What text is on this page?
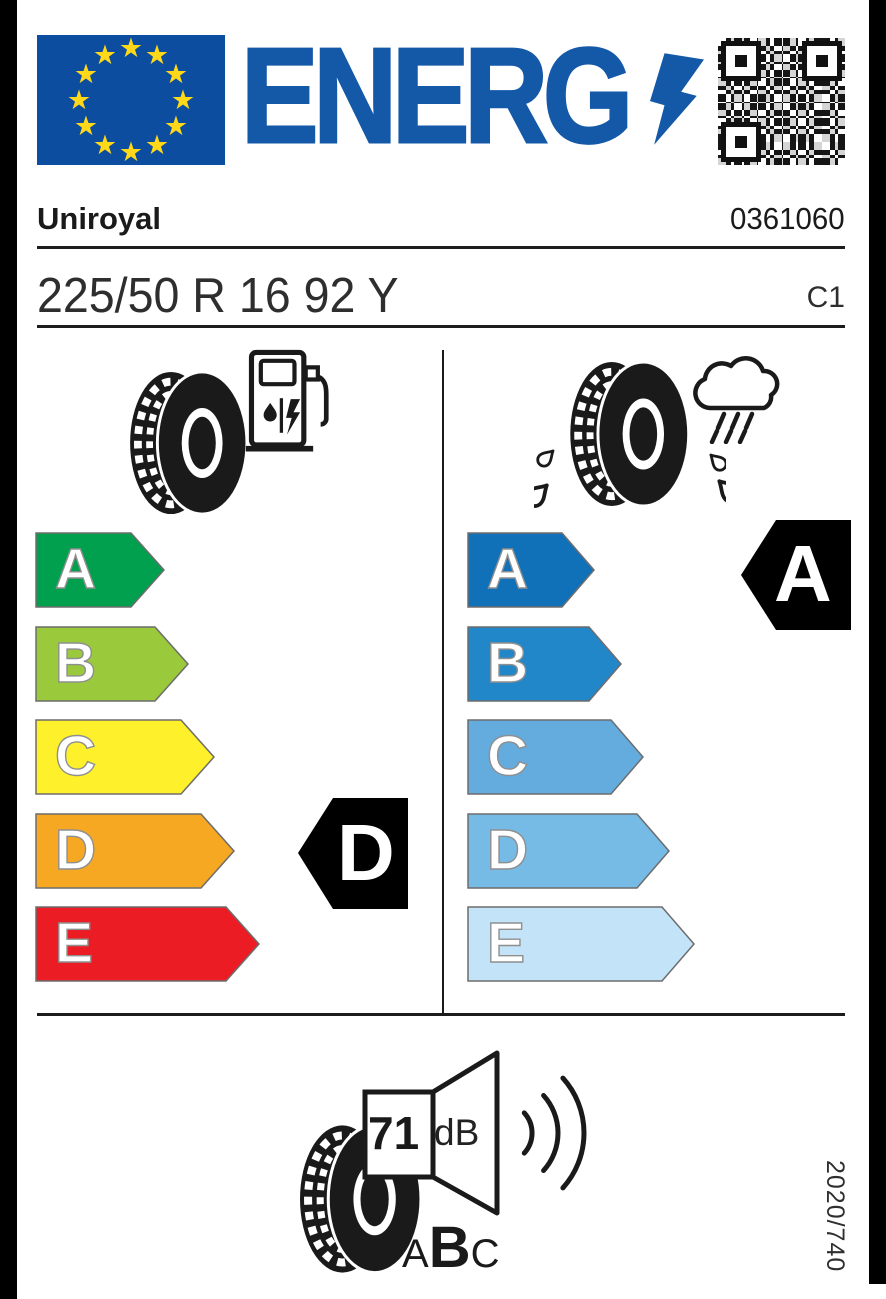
★ ★
★
★
★
★
★
★
★
★
★
★ ENERG
Uniroyal	0361060
225/50 R 16 92 Y	C1
A
B
C
D
E
D
A
B
C
D
E
A
71 dB
A B C	2020/740
